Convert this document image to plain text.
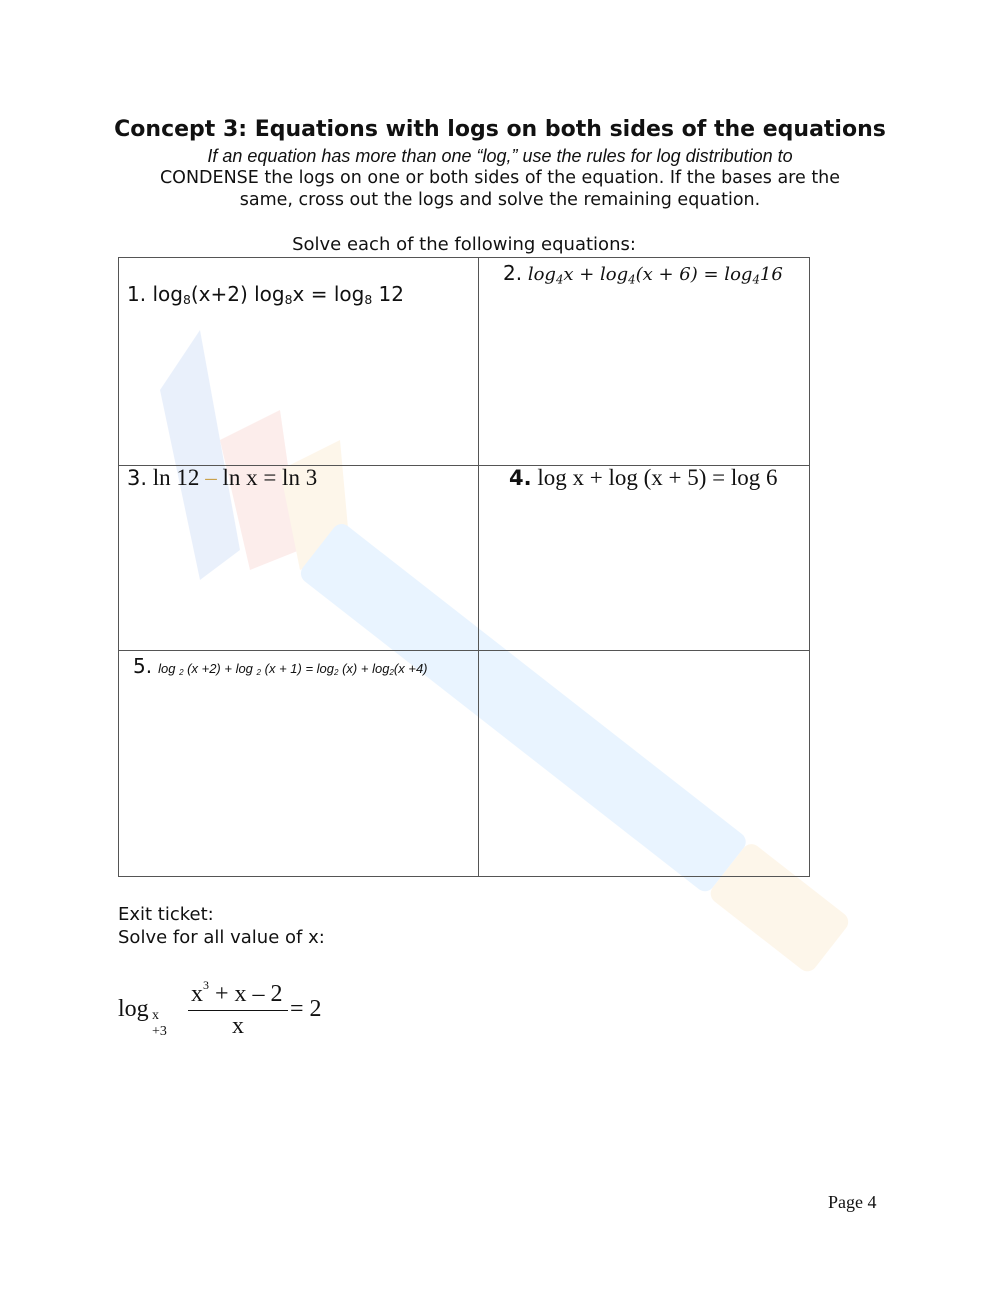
Concept 3: Equations with logs on both sides of the equations
If an equation has more than one “log,” use the rules for log distribution to
CONDENSE the logs on one or both sides of the equation. If the bases are the
same, cross out the logs and solve the remaining equation.
Solve each of the following equations:
1. $\log_8(x+2) \log_8x = \log_8 12$
2. $\log_4x + \log_4(x + 6) = \log_416$
3. ln 12 – ln x = ln 3	4. log x + log (x + 5) = log 6
5. log $_2$ (x +2) + log $_2$ $(x + 1) = \log_2 (x) + \log_2(x +4)$
Exit ticket:
Solve for all value of x:
log x +3
$x^3 + x - 2$
x
= 2
Page 4
